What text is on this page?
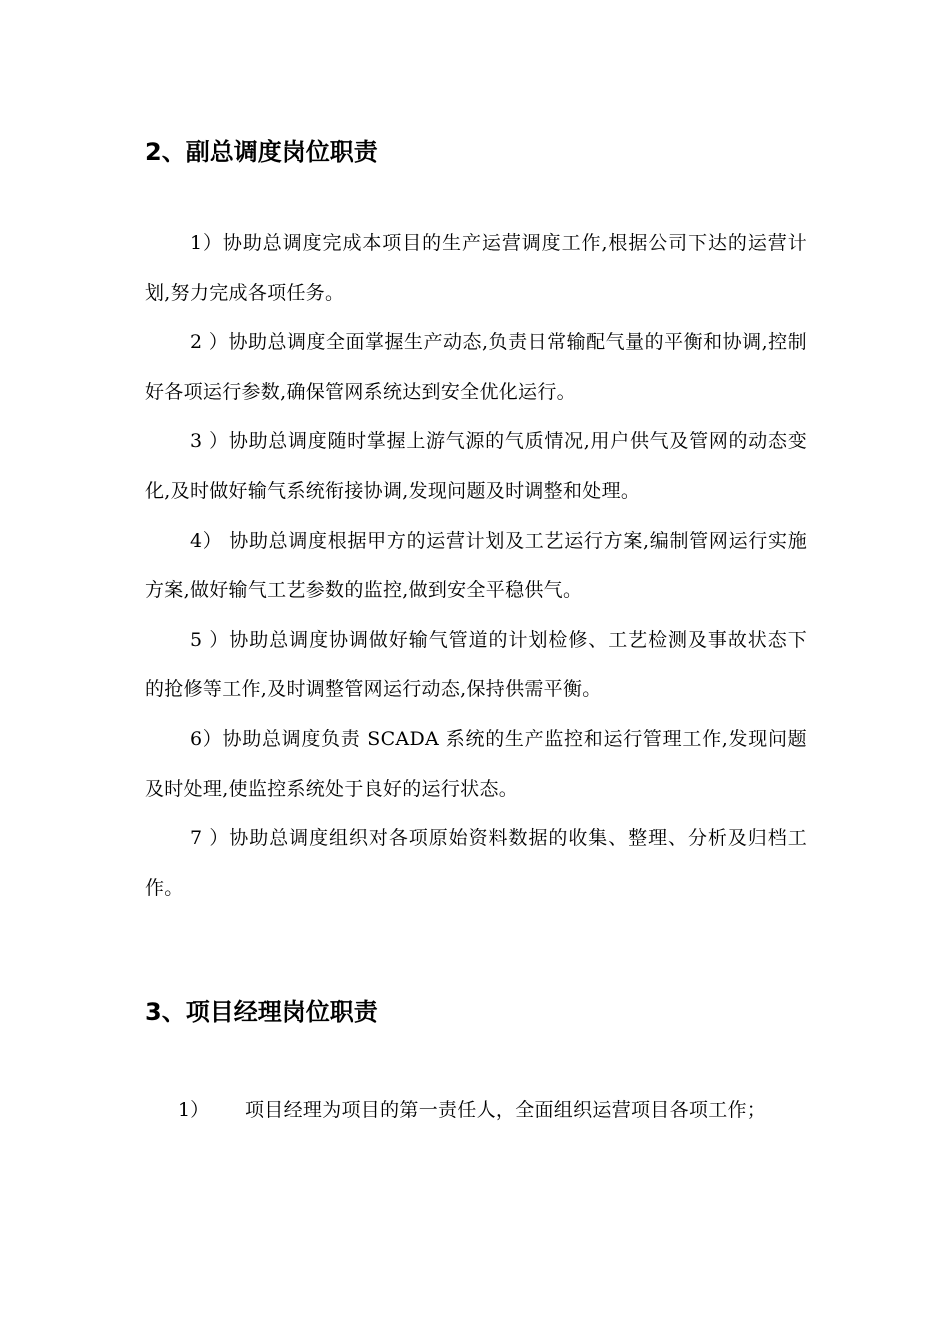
2、副总调度岗位职责

1）协助总调度完成本项目的生产运营调度工作,根据公司下达的运营计划,努力完成各项任务。

2 ）协助总调度全面掌握生产动态,负责日常输配气量的平衡和协调,控制好各项运行参数,确保管网系统达到安全优化运行。

3 ）协助总调度随时掌握上游气源的气质情况,用户供气及管网的动态变化,及时做好输气系统衔接协调,发现问题及时调整和处理。

4） 协助总调度根据甲方的运营计划及工艺运行方案,编制管网运行实施方案,做好输气工艺参数的监控,做到安全平稳供气。

5 ）协助总调度协调做好输气管道的计划检修、工艺检测及事故状态下的抢修等工作,及时调整管网运行动态,保持供需平衡。

6）协助总调度负责 SCADA 系统的生产监控和运行管理工作,发现问题及时处理,使监控系统处于良好的运行状态。

7 ）协助总调度组织对各项原始资料数据的收集、整理、分析及归档工作。

3、项目经理岗位职责
1）	项目经理为项目的第一责任人，全面组织运营项目各项工作；
